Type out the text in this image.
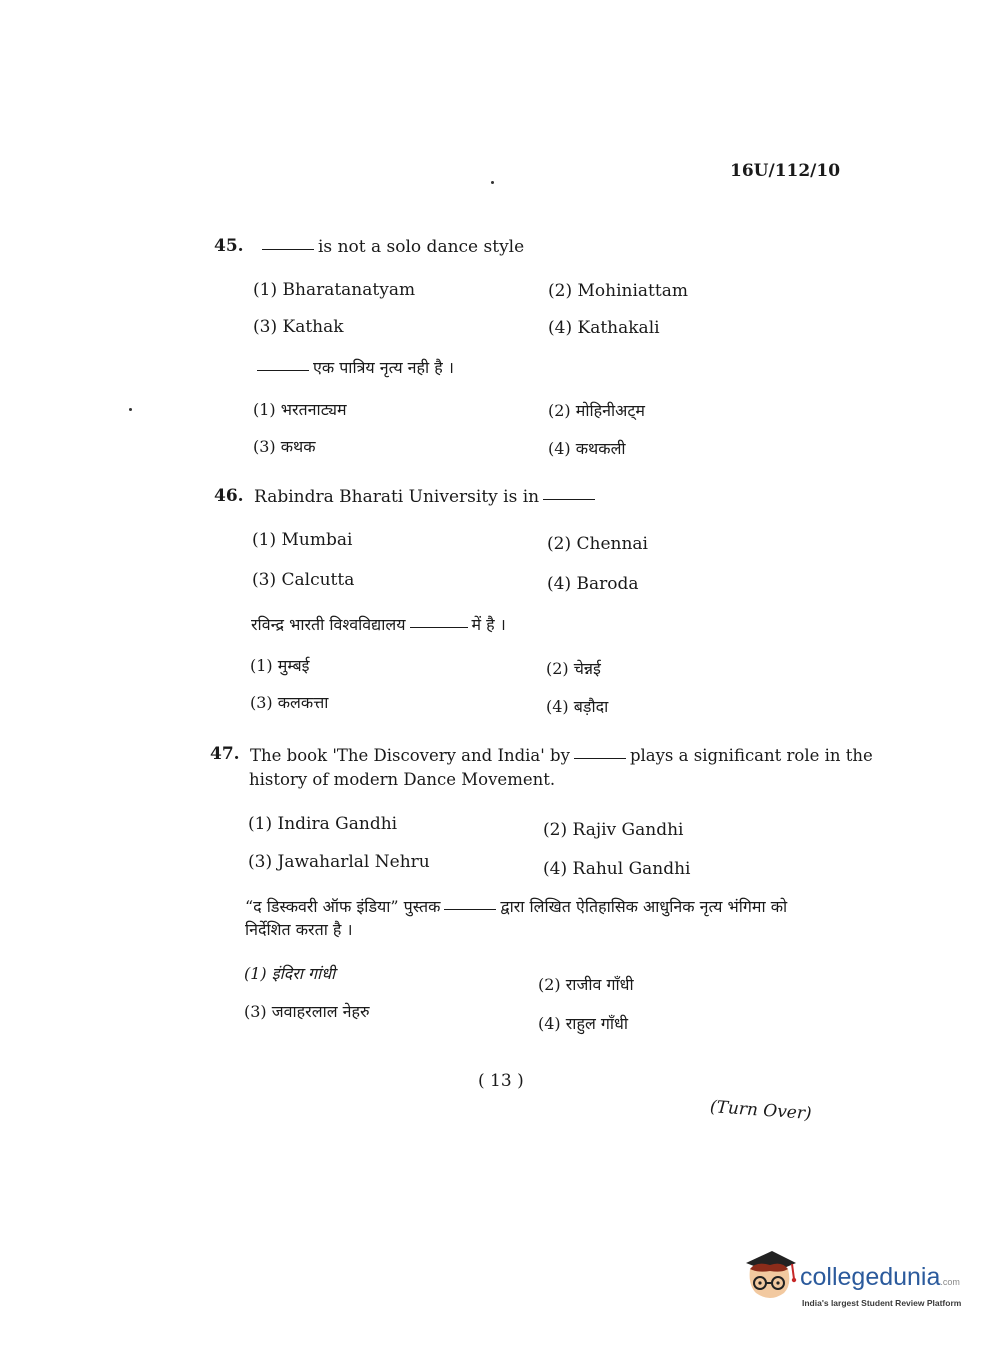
16U/112/10
45.	is not a solo dance style
(1) Bharatanatyam	(2) Mohiniattam
(3) Kathak	(4) Kathakali
एक पात्रिय नृत्य नही है ।
(1) भरतनाट्यम	(2) मोहिनीअट्म
(3) कथक	(4) कथकली
46. Rabindra Bharati University is in
(1) Mumbai	(2) Chennai
(3) Calcutta	(4) Baroda
रविन्द्र भारती विश्वविद्यालय	में है ।
(1) मुम्बई	(2) चेन्नई
(3) कलकत्ता	(4) बड़ौदा
47. The book 'The Discovery and India' by	plays a significant role in the
history of modern Dance Movement.
(1) Indira Gandhi	(2) Rajiv Gandhi
(3) Jawaharlal Nehru	(4) Rahul Gandhi
“द डिस्कवरी ऑफ इंडिया” पुस्तक	द्वारा लिखित ऐतिहासिक आधुनिक नृत्य भंगिमा को
निर्देशित करता है ।
(1) इंदिरा गांधी
(2) राजीव गाँधी
(3) जवाहरलाल नेहरु
(4) राहुल गाँधी
( 13 )
(Turn Over)
collegedunia.com
India's largest Student Review Platform
